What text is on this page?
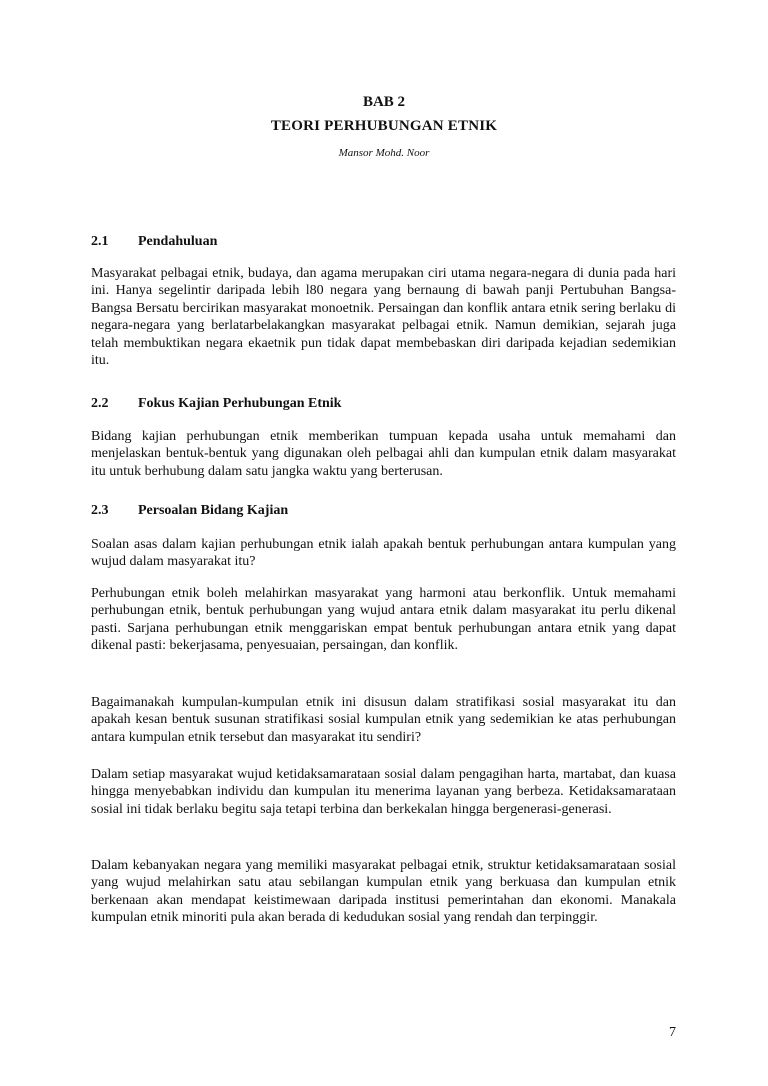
BAB 2
TEORI PERHUBUNGAN ETNIK
Mansor Mohd. Noor
2.1 Pendahuluan

Masyarakat pelbagai etnik, budaya, dan agama merupakan ciri utama negara-negara di dunia pada hari ini. Hanya segelintir daripada lebih l80 negara yang bernaung di bawah panji Pertubuhan Bangsa-Bangsa Bersatu bercirikan masyarakat monoetnik. Persaingan dan konflik antara etnik sering berlaku di negara-negara yang berlatarbelakangkan masyarakat pelbagai etnik. Namun demikian, sejarah juga telah membuktikan negara ekaetnik pun tidak dapat membebaskan diri daripada kejadian sedemikian itu.

2.2 Fokus Kajian Perhubungan Etnik

Bidang kajian perhubungan etnik memberikan tumpuan kepada usaha untuk memahami dan menjelaskan bentuk-bentuk yang digunakan oleh pelbagai ahli dan kumpulan etnik dalam masyarakat itu untuk berhubung dalam satu jangka waktu yang berterusan.

2.3 Persoalan Bidang Kajian

Soalan asas dalam kajian perhubungan etnik ialah apakah bentuk perhubungan antara kumpulan yang wujud dalam masyarakat itu?

Perhubungan etnik boleh melahirkan masyarakat yang harmoni atau berkonflik. Untuk memahami perhubungan etnik, bentuk perhubungan yang wujud antara etnik dalam masyarakat itu perlu dikenal pasti. Sarjana perhubungan etnik menggariskan empat bentuk perhubungan antara etnik yang dapat dikenal pasti: bekerjasama, penyesuaian, persaingan, dan konflik.

Bagaimanakah kumpulan-kumpulan etnik ini disusun dalam stratifikasi sosial masyarakat itu dan apakah kesan bentuk susunan stratifikasi sosial kumpulan etnik yang sedemikian ke atas perhubungan antara kumpulan etnik tersebut dan masyarakat itu sendiri?

Dalam setiap masyarakat wujud ketidaksamarataan sosial dalam pengagihan harta, martabat, dan kuasa hingga menyebabkan individu dan kumpulan itu menerima layanan yang berbeza. Ketidaksamarataan sosial ini tidak berlaku begitu saja tetapi terbina dan berkekalan hingga bergenerasi-generasi.

Dalam kebanyakan negara yang memiliki masyarakat pelbagai etnik, struktur ketidaksamarataan sosial yang wujud melahirkan satu atau sebilangan kumpulan etnik yang berkuasa dan kumpulan etnik berkenaan akan mendapat keistimewaan daripada institusi pemerintahan dan ekonomi. Manakala kumpulan etnik minoriti pula akan berada di kedudukan sosial yang rendah dan terpinggir.

7
